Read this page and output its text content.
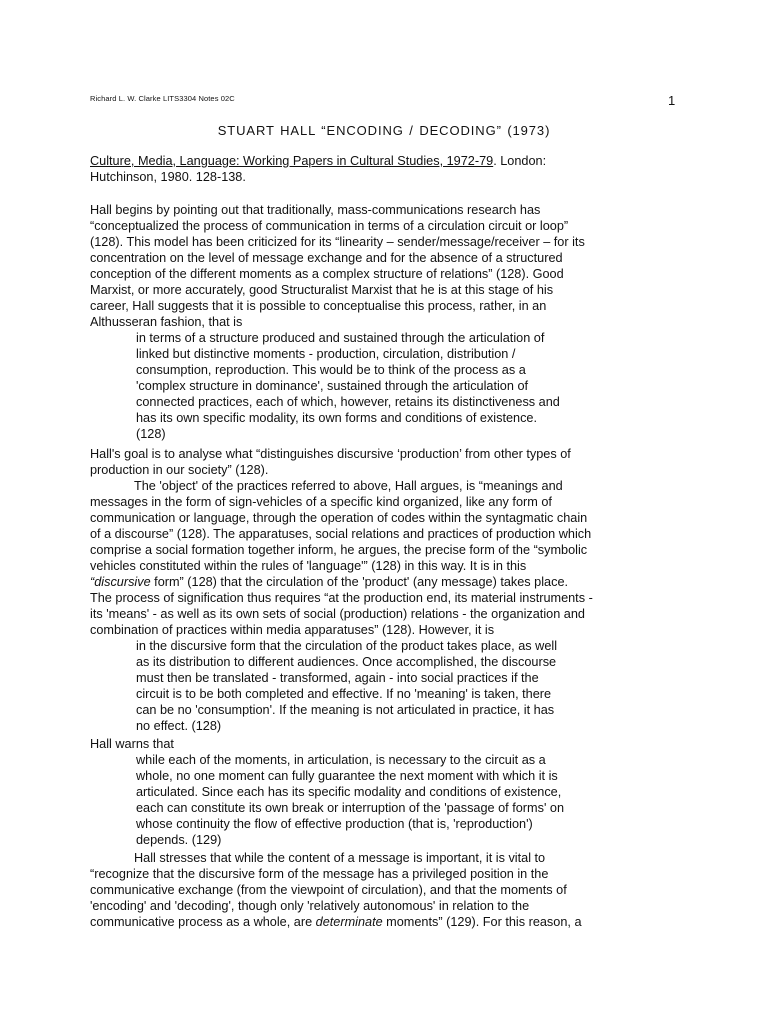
Richard L. W. Clarke LITS3304 Notes 02C	1
STUART HALL “ENCODING / DECODING” (1973)
Culture, Media, Language: Working Papers in Cultural Studies, 1972-79. London:
Hutchinson, 1980. 128-138.
Hall begins by pointing out that traditionally, mass-communications research has
“conceptualized the process of communication in terms of a circulation circuit or loop”
(128). This model has been criticized for its “linearity – sender/message/receiver – for its
concentration on the level of message exchange and for the absence of a structured
conception of the different moments as a complex structure of relations” (128). Good
Marxist, or more accurately, good Structuralist Marxist that he is at this stage of his
career, Hall suggests that it is possible to conceptualise this process, rather, in an
Althusseran fashion, that is
in terms of a structure produced and sustained through the articulation of
linked but distinctive moments - production, circulation, distribution /
consumption, reproduction. This would be to think of the process as a
'complex structure in dominance', sustained through the articulation of
connected practices, each of which, however, retains its distinctiveness and
has its own specific modality, its own forms and conditions of existence.
(128)
Hall's goal is to analyse what “distinguishes discursive ‘production’ from other types of
production in our society” (128).
The 'object' of the practices referred to above, Hall argues, is “meanings and
messages in the form of sign-vehicles of a specific kind organized, like any form of
communication or language, through the operation of codes within the syntagmatic chain
of a discourse” (128). The apparatuses, social relations and practices of production which
comprise a social formation together inform, he argues, the precise form of the “symbolic
vehicles constituted within the rules of 'language'” (128) in this way. It is in this
“discursive form” (128) that the circulation of the 'product' (any message) takes place.
The process of signification thus requires “at the production end, its material instruments -
its 'means' - as well as its own sets of social (production) relations - the organization and
combination of practices within media apparatuses” (128). However, it is
in the discursive form that the circulation of the product takes place, as well
as its distribution to different audiences. Once accomplished, the discourse
must then be translated - transformed, again - into social practices if the
circuit is to be both completed and effective. If no 'meaning' is taken, there
can be no 'consumption'. If the meaning is not articulated in practice, it has
no effect. (128)
Hall warns that
while each of the moments, in articulation, is necessary to the circuit as a
whole, no one moment can fully guarantee the next moment with which it is
articulated. Since each has its specific modality and conditions of existence,
each can constitute its own break or interruption of the 'passage of forms' on
whose continuity the flow of effective production (that is, 'reproduction')
depends. (129)
Hall stresses that while the content of a message is important, it is vital to
“recognize that the discursive form of the message has a privileged position in the
communicative exchange (from the viewpoint of circulation), and that the moments of
'encoding' and 'decoding', though only 'relatively autonomous' in relation to the
communicative process as a whole, are determinate moments” (129). For this reason, a
